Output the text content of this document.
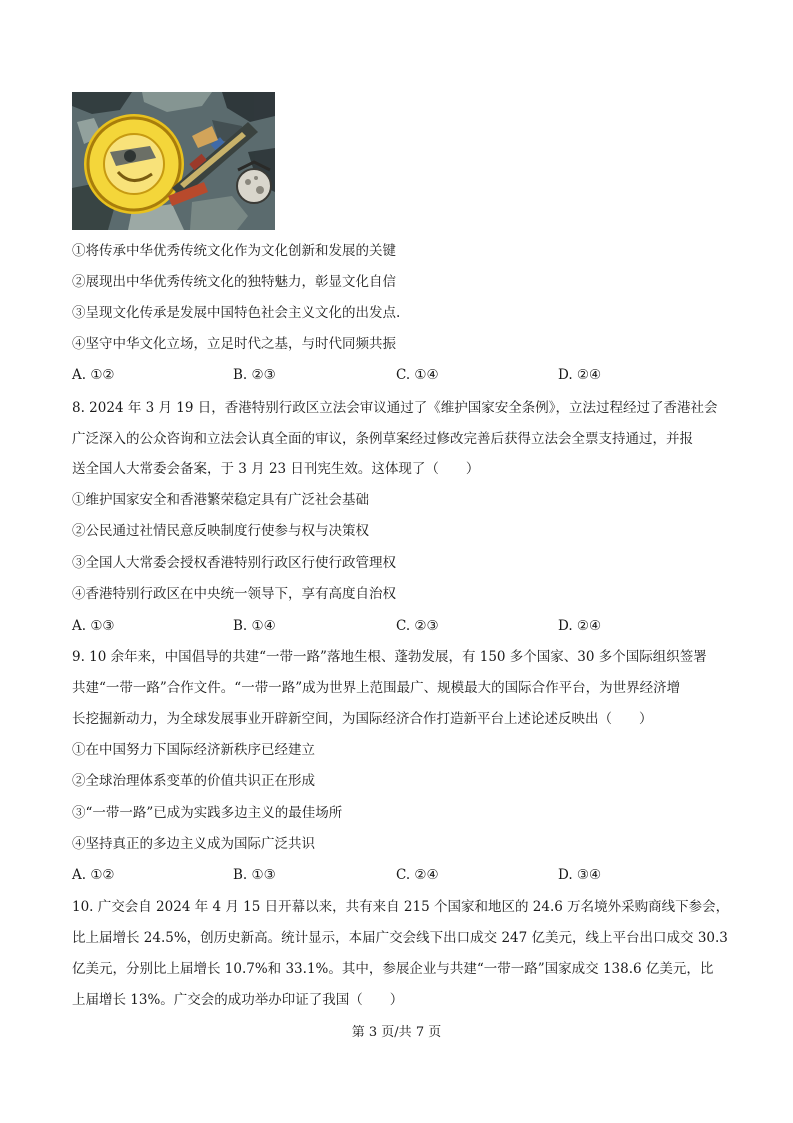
①将传承中华优秀传统文化作为文化创新和发展的关键
②展现出中华优秀传统文化的独特魅力，彰显文化自信
③呈现文化传承是发展中国特色社会主义文化的出发点.
④坚守中华文化立场，立足时代之基，与时代同频共振
A. ①②	B. ②③	C. ①④	D. ②④
8. 2024 年 3 月 19 日，香港特别行政区立法会审议通过了《维护国家安全条例》，立法过程经过了香港社会
广泛深入的公众咨询和立法会认真全面的审议，条例草案经过修改完善后获得立法会全票支持通过，并报
送全国人大常委会备案，于 3 月 23 日刊宪生效。这体现了（　　）
①维护国家安全和香港繁荣稳定具有广泛社会基础
②公民通过社情民意反映制度行使参与权与决策权
③全国人大常委会授权香港特别行政区行使行政管理权
④香港特别行政区在中央统一领导下，享有高度自治权
A. ①③	B. ①④	C. ②③	D. ②④
9. 10 余年来，中国倡导的共建“一带一路”落地生根、蓬勃发展，有 150 多个国家、30 多个国际组织签署
共建“一带一路”合作文件。“一带一路”成为世界上范围最广、规模最大的国际合作平台，为世界经济增
长挖掘新动力，为全球发展事业开辟新空间，为国际经济合作打造新平台上述论述反映出（　　）
①在中国努力下国际经济新秩序已经建立
②全球治理体系变革的价值共识正在形成
③“一带一路”已成为实践多边主义的最佳场所
④坚持真正的多边主义成为国际广泛共识
A. ①②	B. ①③	C. ②④	D. ③④
10. 广交会自 2024 年 4 月 15 日开幕以来，共有来自 215 个国家和地区的 24.6 万名境外采购商线下参会，
比上届增长 24.5%，创历史新高。统计显示，本届广交会线下出口成交 247 亿美元，线上平台出口成交 30.3
亿美元，分别比上届增长 10.7%和 33.1%。其中，参展企业与共建“一带一路”国家成交 138.6 亿美元，比
上届增长 13%。广交会的成功举办印证了我国（　　）
第 3 页/共 7 页
